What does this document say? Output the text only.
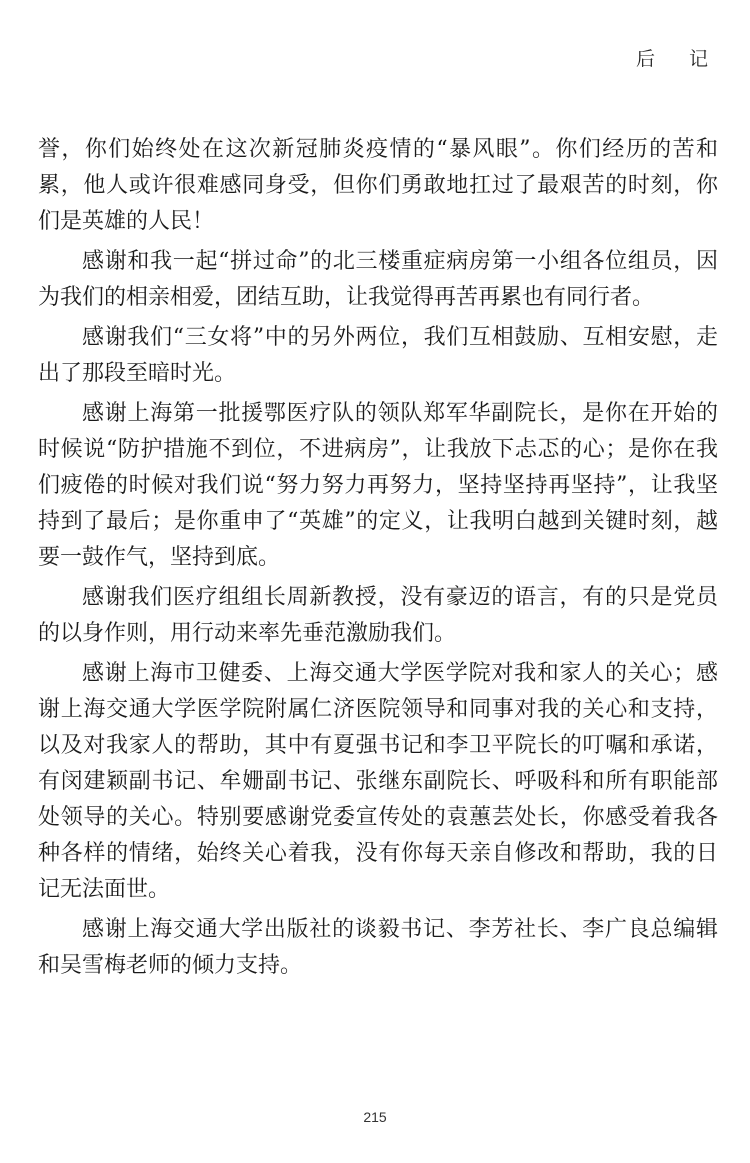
后 记

誉，你们始终处在这次新冠肺炎疫情的“暴风眼”。你们经历的苦和累，他人或许很难感同身受，但你们勇敢地扛过了最艰苦的时刻，你们是英雄的人民！

感谢和我一起“拼过命”的北三楼重症病房第一小组各位组员，因为我们的相亲相爱，团结互助，让我觉得再苦再累也有同行者。

感谢我们“三女将”中的另外两位，我们互相鼓励、互相安慰，走出了那段至暗时光。

感谢上海第一批援鄂医疗队的领队郑军华副院长，是你在开始的时候说“防护措施不到位，不进病房”，让我放下忐忑的心；是你在我们疲倦的时候对我们说“努力努力再努力，坚持坚持再坚持”，让我坚持到了最后；是你重申了“英雄”的定义，让我明白越到关键时刻，越要一鼓作气，坚持到底。

感谢我们医疗组组长周新教授，没有豪迈的语言，有的只是党员的以身作则，用行动来率先垂范激励我们。

感谢上海市卫健委、上海交通大学医学院对我和家人的关心；感谢上海交通大学医学院附属仁济医院领导和同事对我的关心和支持，以及对我家人的帮助，其中有夏强书记和李卫平院长的叮嘱和承诺，有闵建颖副书记、牟姗副书记、张继东副院长、呼吸科和所有职能部处领导的关心。特别要感谢党委宣传处的袁蕙芸处长，你感受着我各种各样的情绪，始终关心着我，没有你每天亲自修改和帮助，我的日记无法面世。

感谢上海交通大学出版社的谈毅书记、李芳社长、李广良总编辑和吴雪梅老师的倾力支持。

215
